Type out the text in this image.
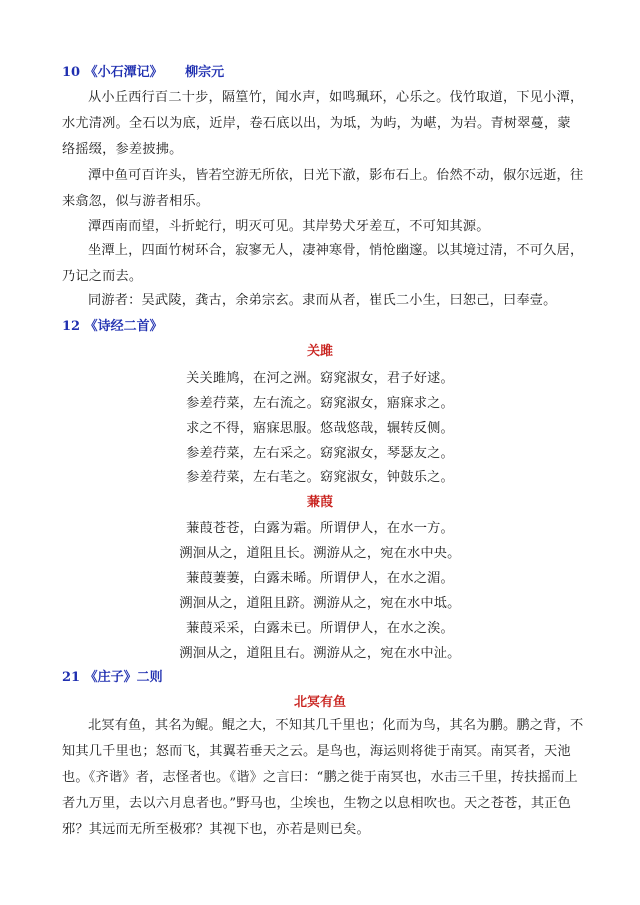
10 《小石潭记》 柳宗元
从小丘西行百二十步，隔篁竹，闻水声，如鸣珮环，心乐之。伐竹取道，下见小潭，水尤清冽。全石以为底，近岸，卷石底以出，为坻，为屿，为嵁，为岩。青树翠蔓，蒙络摇缀，参差披拂。
潭中鱼可百许头，皆若空游无所依，日光下澈，影布石上。佁然不动，俶尔远逝，往来翕忽，似与游者相乐。
潭西南而望，斗折蛇行，明灭可见。其岸势犬牙差互，不可知其源。
坐潭上，四面竹树环合，寂寥无人，凄神寒骨，悄怆幽邃。以其境过清，不可久居，乃记之而去。
同游者：吴武陵，龚古，余弟宗玄。隶而从者，崔氏二小生，曰恕己，曰奉壹。
12 《诗经二首》
关雎
关关雎鸠，在河之洲。窈窕淑女，君子好逑。
参差荇菜，左右流之。窈窕淑女，寤寐求之。
求之不得，寤寐思服。悠哉悠哉，辗转反侧。
参差荇菜，左右采之。窈窕淑女，琴瑟友之。
参差荇菜，左右芼之。窈窕淑女，钟鼓乐之。
蒹葭
蒹葭苍苍，白露为霜。所谓伊人，在水一方。
溯洄从之，道阻且长。溯游从之，宛在水中央。
蒹葭萋萋，白露未晞。所谓伊人，在水之湄。
溯洄从之，道阻且跻。溯游从之，宛在水中坻。
蒹葭采采，白露未已。所谓伊人，在水之涘。
溯洄从之，道阻且右。溯游从之，宛在水中沚。
21 《庄子》二则
北冥有鱼
北冥有鱼，其名为鲲。鲲之大，不知其几千里也；化而为鸟，其名为鹏。鹏之背，不知其几千里也；怒而飞，其翼若垂天之云。是鸟也，海运则将徙于南冥。南冥者，天池也。《齐谐》者，志怪者也。《谐》之言曰：“鹏之徙于南冥也，水击三千里，抟扶摇而上者九万里，去以六月息者也。”野马也，尘埃也，生物之以息相吹也。天之苍苍，其正色邪？其远而无所至极邪？其视下也，亦若是则已矣。
